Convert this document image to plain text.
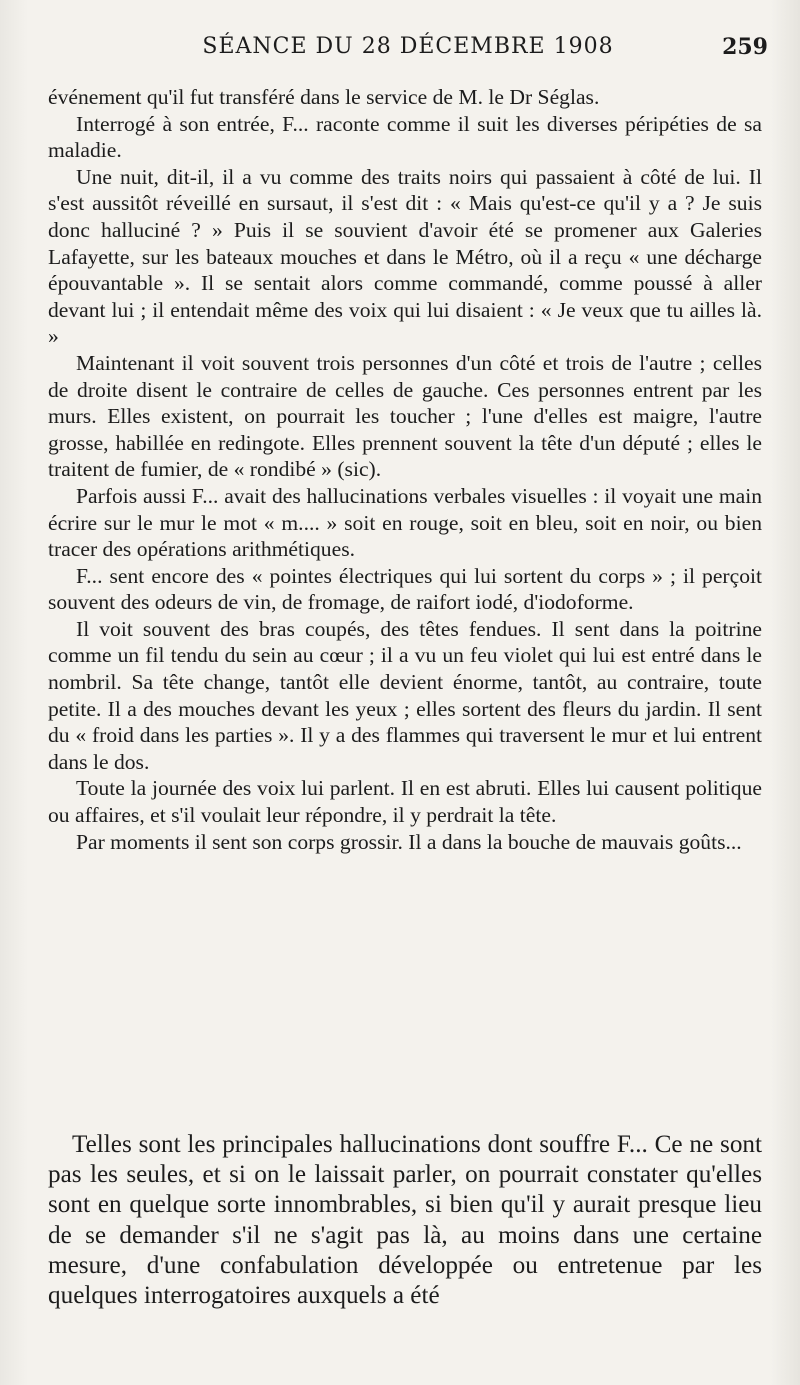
SÉANCE DU 28 DÉCEMBRE 1908	259

événement qu'il fut transféré dans le service de M. le Dr Séglas.

Interrogé à son entrée, F... raconte comme il suit les diverses péripéties de sa maladie.

Une nuit, dit-il, il a vu comme des traits noirs qui passaient à côté de lui. Il s'est aussitôt réveillé en sursaut, il s'est dit : « Mais qu'est-ce qu'il y a ? Je suis donc halluciné ? » Puis il se souvient d'avoir été se promener aux Galeries Lafayette, sur les bateaux mouches et dans le Métro, où il a reçu « une décharge épouvantable ». Il se sentait alors comme commandé, comme poussé à aller devant lui ; il entendait même des voix qui lui disaient : « Je veux que tu ailles là. »

Maintenant il voit souvent trois personnes d'un côté et trois de l'autre ; celles de droite disent le contraire de celles de gauche. Ces personnes entrent par les murs. Elles existent, on pourrait les toucher ; l'une d'elles est maigre, l'autre grosse, habillée en redingote. Elles prennent souvent la tête d'un député ; elles le traitent de fumier, de « rondibé » (sic).

Parfois aussi F... avait des hallucinations verbales visuelles : il voyait une main écrire sur le mur le mot « m.... » soit en rouge, soit en bleu, soit en noir, ou bien tracer des opérations arithmétiques.

F... sent encore des « pointes électriques qui lui sortent du corps » ; il perçoit souvent des odeurs de vin, de fromage, de raifort iodé, d'iodoforme.

Il voit souvent des bras coupés, des têtes fendues. Il sent dans la poitrine comme un fil tendu du sein au cœur ; il a vu un feu violet qui lui est entré dans le nombril. Sa tête change, tantôt elle devient énorme, tantôt, au contraire, toute petite. Il a des mouches devant les yeux ; elles sortent des fleurs du jardin. Il sent du « froid dans les parties ». Il y a des flammes qui traversent le mur et lui entrent dans le dos.

Toute la journée des voix lui parlent. Il en est abruti. Elles lui causent politique ou affaires, et s'il voulait leur répondre, il y perdrait la tête.

Par moments il sent son corps grossir. Il a dans la bouche de mauvais goûts...

Telles sont les principales hallucinations dont souffre F... Ce ne sont pas les seules, et si on le laissait parler, on pourrait constater qu'elles sont en quelque sorte innombrables, si bien qu'il y aurait presque lieu de se demander s'il ne s'agit pas là, au moins dans une certaine mesure, d'une confabulation développée ou entretenue par les quelques interrogatoires auxquels a été
